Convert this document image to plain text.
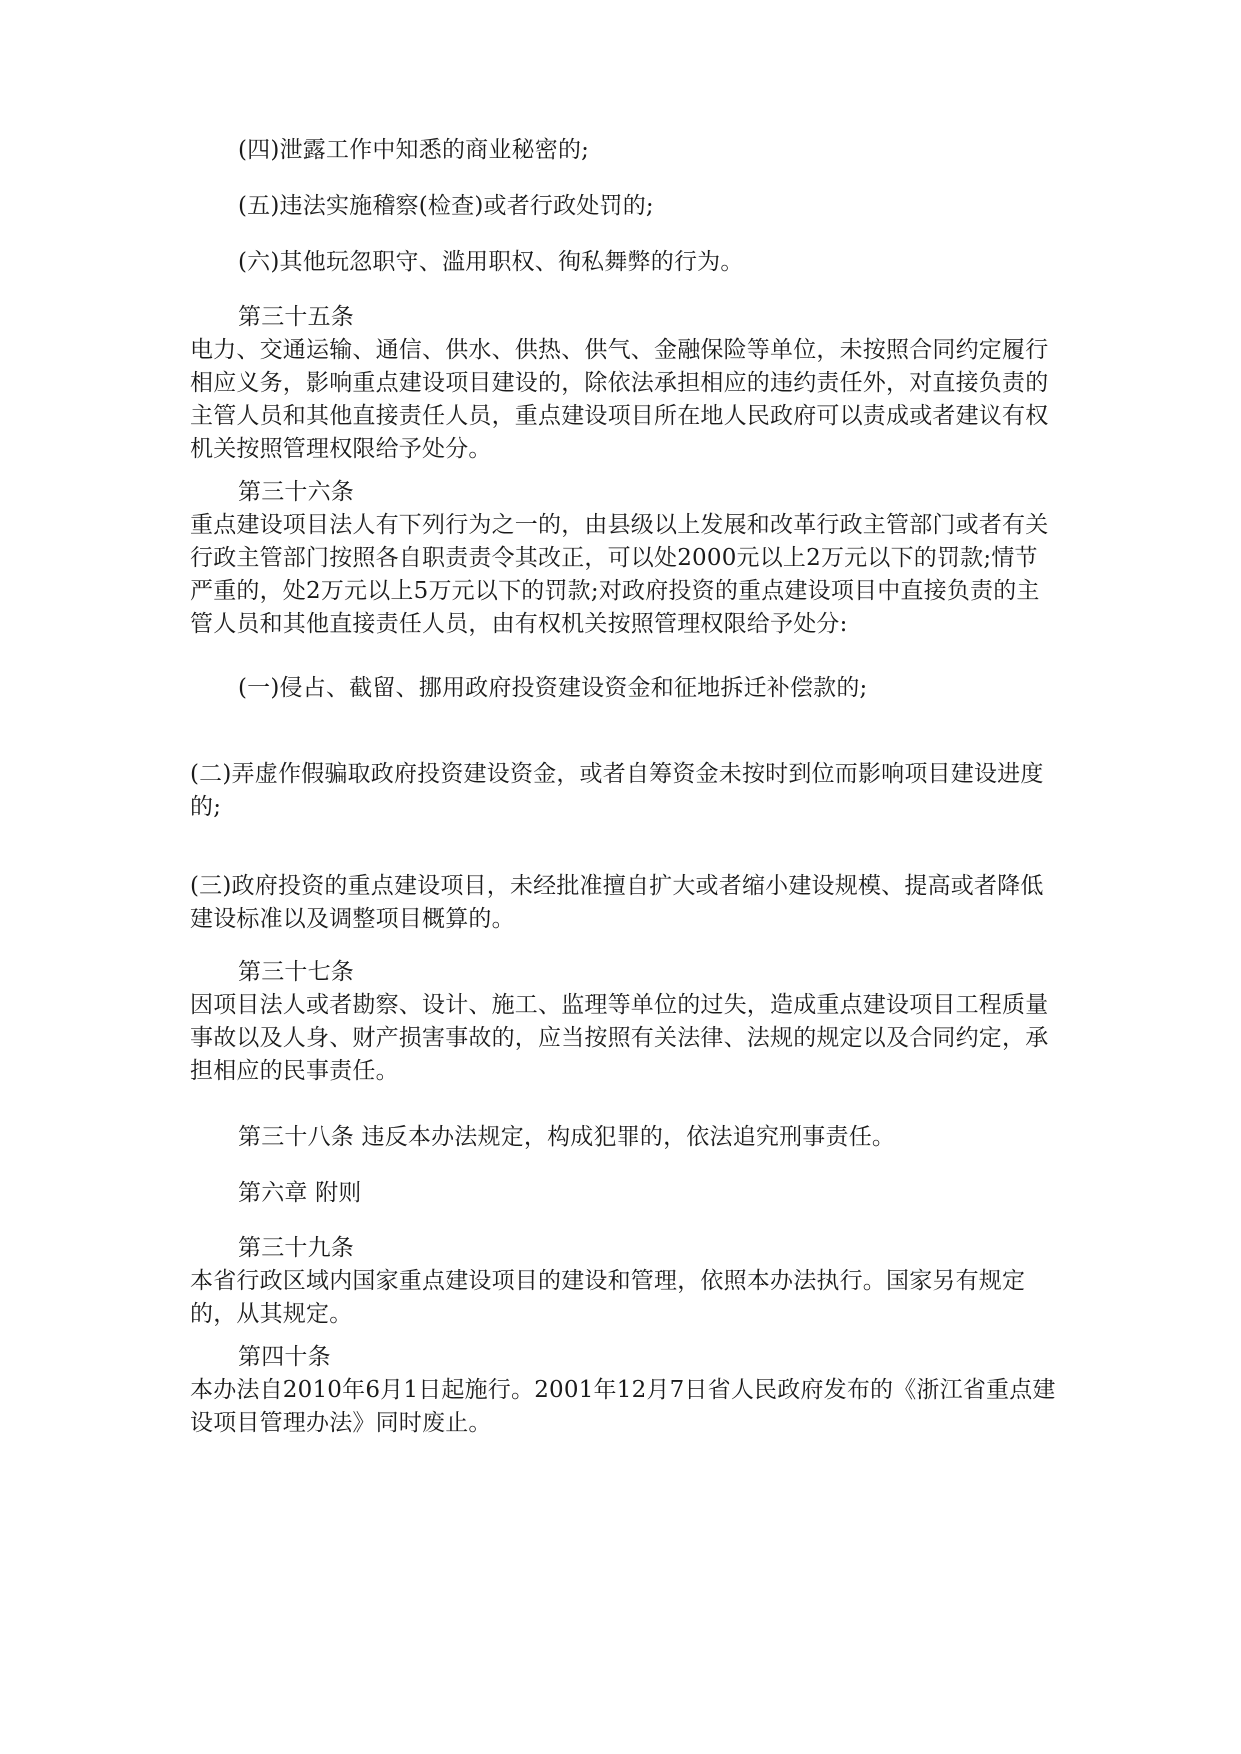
(四)泄露工作中知悉的商业秘密的;

(五)违法实施稽察(检查)或者行政处罚的;

(六)其他玩忽职守、滥用职权、徇私舞弊的行为。

第三十五条
电力、交通运输、通信、供水、供热、供气、金融保险等单位，未按照合同约定履行相应义务，影响重点建设项目建设的，除依法承担相应的违约责任外，对直接负责的主管人员和其他直接责任人员，重点建设项目所在地人民政府可以责成或者建议有权机关按照管理权限给予处分。
第三十六条
重点建设项目法人有下列行为之一的，由县级以上发展和改革行政主管部门或者有关行政主管部门按照各自职责责令其改正，可以处2000元以上2万元以下的罚款;情节严重的，处2万元以上5万元以下的罚款;对政府投资的重点建设项目中直接负责的主管人员和其他直接责任人员，由有权机关按照管理权限给予处分:

(一)侵占、截留、挪用政府投资建设资金和征地拆迁补偿款的;

(二)弄虚作假骗取政府投资建设资金，或者自筹资金未按时到位而影响项目建设进度的;

(三)政府投资的重点建设项目，未经批准擅自扩大或者缩小建设规模、提高或者降低建设标准以及调整项目概算的。

第三十七条
因项目法人或者勘察、设计、施工、监理等单位的过失，造成重点建设项目工程质量事故以及人身、财产损害事故的，应当按照有关法律、法规的规定以及合同约定，承担相应的民事责任。

第三十八条 违反本办法规定，构成犯罪的，依法追究刑事责任。

第六章 附则

第三十九条
本省行政区域内国家重点建设项目的建设和管理，依照本办法执行。国家另有规定的，从其规定。
第四十条
本办法自2010年6月1日起施行。2001年12月7日省人民政府发布的《浙江省重点建设项目管理办法》同时废止。
